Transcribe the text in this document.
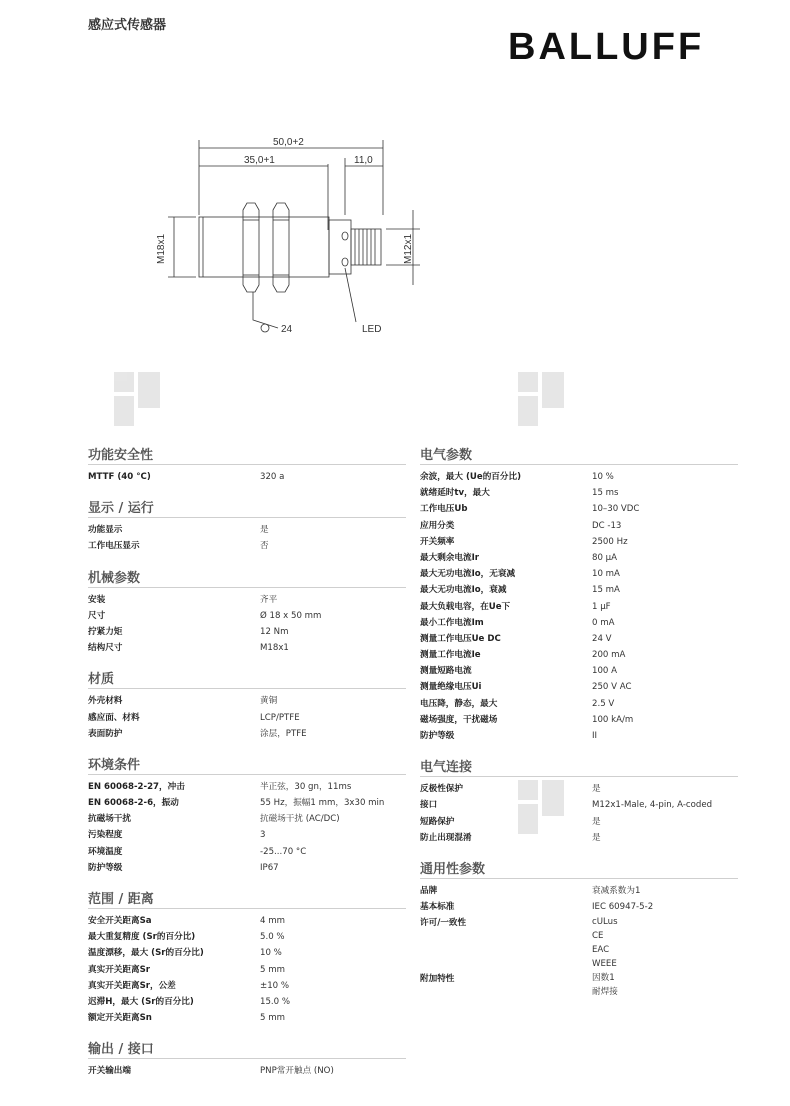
感应式传感器
BALLUFF
50,0+2
35,0+1	11,0
M18x1	M12x1
24	LED
功能安全性
MTTF (40 °C)	320 a
显示 / 运行
功能显示	是
工作电压显示	否
机械参数
安装	齐平
尺寸	Ø 18 x 50 mm
拧紧力矩	12 Nm
结构尺寸	M18x1
材质
外壳材料	黄铜
感应面、材料	LCP/PTFE
表面防护	涂层，PTFE
环境条件
EN 60068-2-27，冲击	半正弦，30 gn，11ms
EN 60068-2-6，振动	55 Hz，振幅1 mm，3x30 min
抗磁场干扰	抗磁场干扰 (AC/DC)
污染程度	3
环境温度	-25...70 °C
防护等级	IP67
范围 / 距离
安全开关距离Sa	4 mm
最大重复精度 (Sr的百分比)	5.0 %
温度漂移，最大 (Sr的百分比)	10 %
真实开关距离Sr	5 mm
真实开关距离Sr，公差	±10 %
迟滞H，最大 (Sr的百分比)	15.0 %
额定开关距离Sn	5 mm
输出 / 接口
开关输出端	PNP常开触点 (NO)
电气参数
余波，最大 (Ue的百分比)	10 %
就绪延时tv，最大	15 ms
工作电压Ub	10–30 VDC
应用分类	DC -13
开关频率	2500 Hz
最大剩余电流Ir	80 µA
最大无功电流Io，无衰减	10 mA
最大无功电流Io，衰减	15 mA
最大负载电容，在Ue下	1 µF
最小工作电流Im	0 mA
测量工作电压Ue DC	24 V
测量工作电流Ie	200 mA
测量短路电流	100 A
测量绝缘电压Ui	250 V AC
电压降，静态，最大	2.5 V
磁场强度，干扰磁场	100 kA/m
防护等级	II
电气连接
反极性保护	是
接口	M12x1-Male, 4-pin, A-coded
短路保护	是
防止出现混淆	是
通用性参数
品牌	衰减系数为1
基本标准	IEC 60947-5-2
许可/一致性	cULus
CE
EAC
WEEE
附加特性	因数1
耐焊接
